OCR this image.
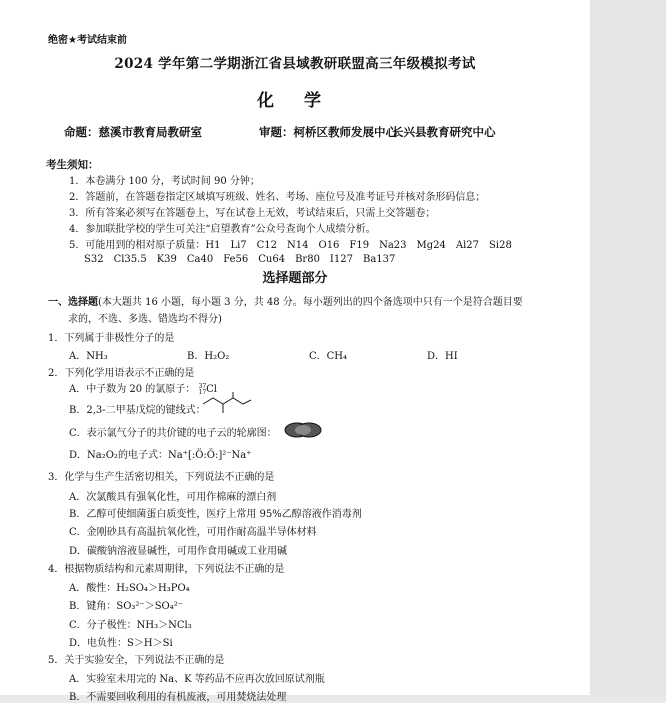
绝密★考试结束前
2024 学年第二学期浙江省县域教研联盟高三年级模拟考试
化 学
命题：慈溪市教育局教研室	审题：柯桥区教师发展中心
长兴县教育研究中心
考生须知：
1．本卷满分 100 分，考试时间 90 分钟；
2．答题前，在答题卷指定区域填写班级、姓名、考场、座位号及准考证号并核对条形码信息；
3．所有答案必须写在答题卷上，写在试卷上无效，考试结束后，只需上交答题卷；
4．参加联批学校的学生可关注“启望教育”公众号查询个人成绩分析。
5．可能用到的相对原子质量：H1　Li7　C12　N14　O16　F19　Na23　Mg24　Al27　Si28
S32　Cl35.5　K39　Ca40　Fe56　Cu64　Br80　I127　Ba137
选择题部分
一、选择题(本大题共 16 小题，每小题 3 分，共 48 分。每小题列出的四个备选项中只有一个是符合题目要
求的，不选、多选、错选均不得分)
1．下列属于非极性分子的是
A．NH₃	B．H₂O₂	C．CH₄	D．HI
2．下列化学用语表示不正确的是
A．中子数为 20 的氯原子： 37
17Cl
B．2,3-二甲基戊烷的键线式：
C．表示氯气分子的共价键的电子云的轮廓图：
D．Na₂O₂的电子式：Na⁺[:Ö:Ö:]²⁻Na⁺
3．化学与生产生活密切相关，下列说法不正确的是
A．次氯酸具有强氧化性，可用作棉麻的漂白剂
B．乙醇可使细菌蛋白质变性，医疗上常用 95%乙醇溶液作消毒剂
C．金刚砂具有高温抗氧化性，可用作耐高温半导体材料
D．碳酸钠溶液显碱性，可用作食用碱或工业用碱
4．根据物质结构和元素周期律，下列说法不正确的是
A．酸性：H₂SO₄＞H₃PO₄
B．键角：SO₃²⁻＞SO₄²⁻
C．分子极性：NH₃＞NCl₃
D．电负性：S＞H＞Si
5．关于实验安全，下列说法不正确的是
A．实验室未用完的 Na、K 等药品不应再次放回原试剂瓶
B．不需要回收利用的有机废液，可用焚烧法处理
